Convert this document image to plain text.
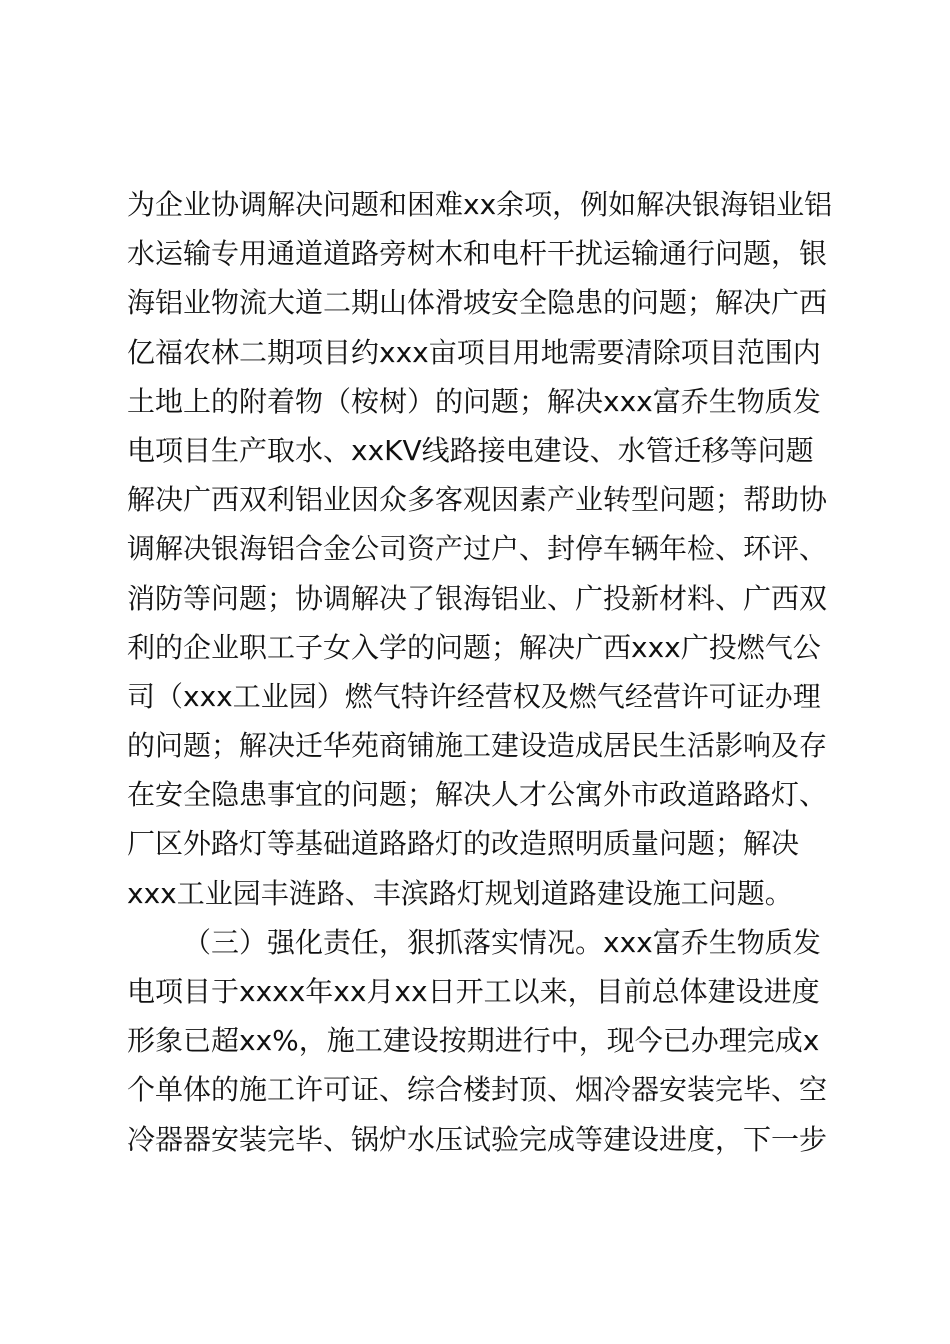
为企业协调解决问题和困难xx余项，例如解决银海铝业铝
水运输专用通道道路旁树木和电杆干扰运输通行问题，银
海铝业物流大道二期山体滑坡安全隐患的问题；解决广西
亿福农林二期项目约xxx亩项目用地需要清除项目范围内
土地上的附着物（桉树）的问题；解决xxx富乔生物质发
电项目生产取水、xxKV线路接电建设、水管迁移等问题
解决广西双利铝业因众多客观因素产业转型问题；帮助协
调解决银海铝合金公司资产过户、封停车辆年检、环评、
消防等问题；协调解决了银海铝业、广投新材料、广西双
利的企业职工子女入学的问题；解决广西xxx广投燃气公
司（xxx工业园）燃气特许经营权及燃气经营许可证办理
的问题；解决迁华苑商铺施工建设造成居民生活影响及存
在安全隐患事宜的问题；解决人才公寓外市政道路路灯、
厂区外路灯等基础道路路灯的改造照明质量问题；解决
xxx工业园丰涟路、丰滨路灯规划道路建设施工问题。
（三）强化责任，狠抓落实情况。xxx富乔生物质发
电项目于xxxx年xx月xx日开工以来，目前总体建设进度
形象已超xx%，施工建设按期进行中，现今已办理完成x
个单体的施工许可证、综合楼封顶、烟冷器安装完毕、空
冷器器安装完毕、锅炉水压试验完成等建设进度，下一步
